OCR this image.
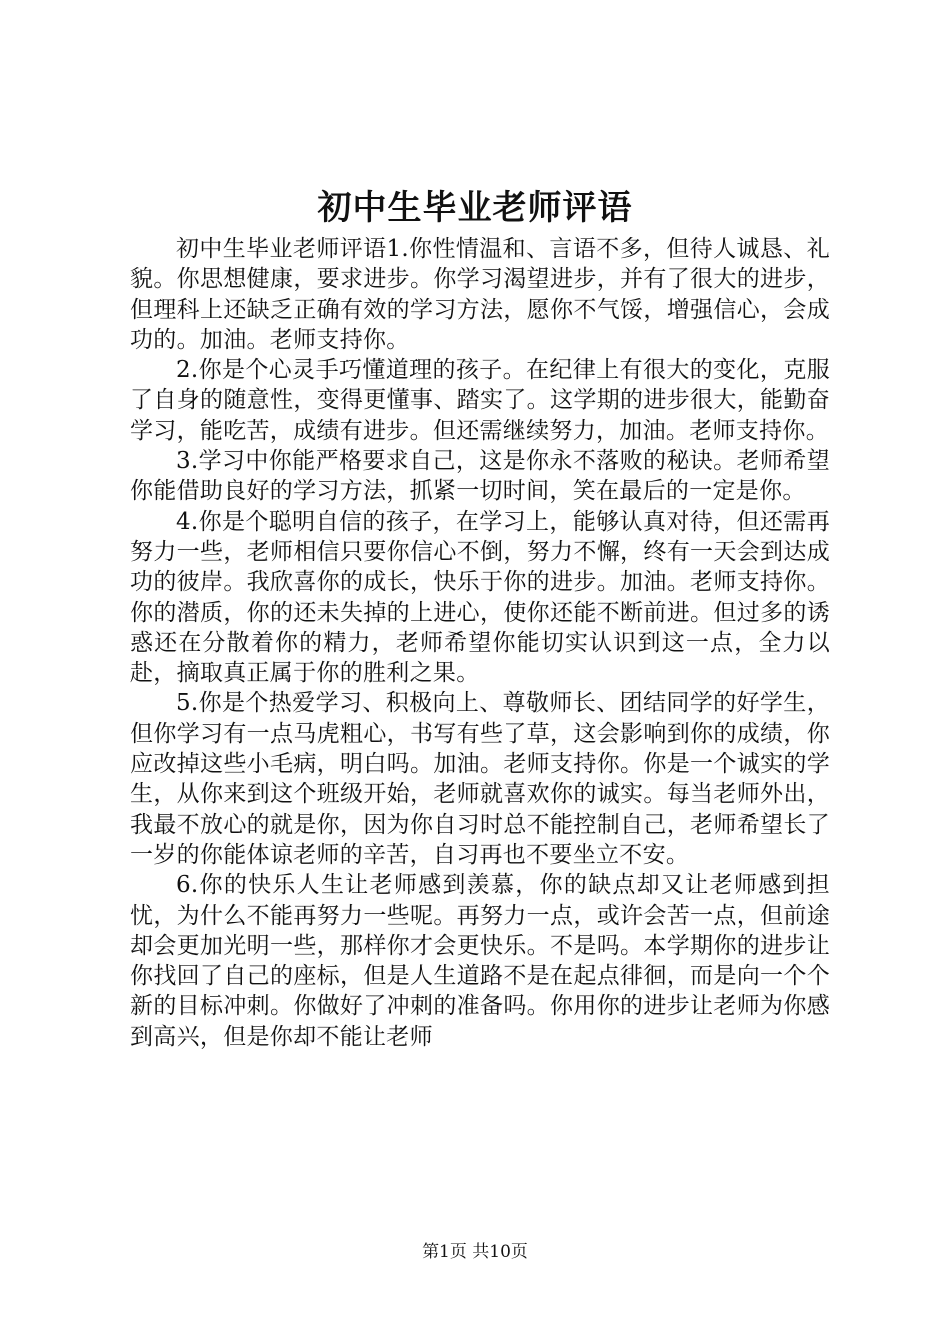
初中生毕业老师评语

初中生毕业老师评语1.你性情温和、言语不多，但待人诚恳、礼貌。你思想健康，要求进步。你学习渴望进步，并有了很大的进步，但理科上还缺乏正确有效的学习方法，愿你不气馁，增强信心，会成功的。加油。老师支持你。

2.你是个心灵手巧懂道理的孩子。在纪律上有很大的变化，克服了自身的随意性，变得更懂事、踏实了。这学期的进步很大，能勤奋学习，能吃苦，成绩有进步。但还需继续努力，加油。老师支持你。

3.学习中你能严格要求自己，这是你永不落败的秘诀。老师希望你能借助良好的学习方法，抓紧一切时间，笑在最后的一定是你。

4.你是个聪明自信的孩子，在学习上，能够认真对待，但还需再努力一些，老师相信只要你信心不倒，努力不懈，终有一天会到达成功的彼岸。我欣喜你的成长，快乐于你的进步。加油。老师支持你。你的潜质，你的还未失掉的上进心，使你还能不断前进。但过多的诱惑还在分散着你的精力，老师希望你能切实认识到这一点，全力以赴，摘取真正属于你的胜利之果。

5.你是个热爱学习、积极向上、尊敬师长、团结同学的好学生，但你学习有一点马虎粗心，书写有些了草，这会影响到你的成绩，你应改掉这些小毛病，明白吗。加油。老师支持你。你是一个诚实的学生，从你来到这个班级开始，老师就喜欢你的诚实。每当老师外出，我最不放心的就是你，因为你自习时总不能控制自己，老师希望长了一岁的你能体谅老师的辛苦，自习再也不要坐立不安。

6.你的快乐人生让老师感到羡慕，你的缺点却又让老师感到担忧，为什么不能再努力一些呢。再努力一点，或许会苦一点，但前途却会更加光明一些，那样你才会更快乐。不是吗。本学期你的进步让你找回了自己的座标，但是人生道路不是在起点徘徊，而是向一个个新的目标冲刺。你做好了冲刺的准备吗。你用你的进步让老师为你感到高兴，但是你却不能让老师

第1页 共10页
